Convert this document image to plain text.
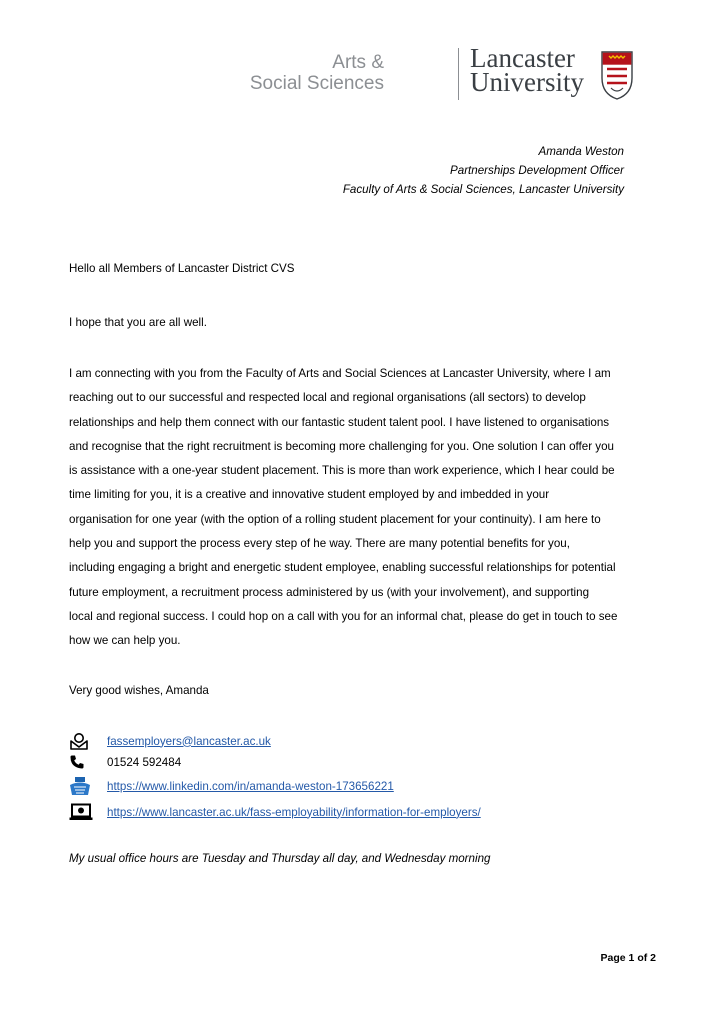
Arts &
Social Sciences
Lancaster
University
Amanda Weston
Partnerships Development Officer
Faculty of Arts & Social Sciences, Lancaster University
Hello all Members of Lancaster District CVS
I hope that you are all well.
I am connecting with you from the Faculty of Arts and Social Sciences at Lancaster University, where I am
reaching out to our successful and respected local and regional organisations (all sectors) to develop
relationships and help them connect with our fantastic student talent pool. I have listened to organisations
and recognise that the right recruitment is becoming more challenging for you. One solution I can offer you
is assistance with a one-year student placement. This is more than work experience, which I hear could be
time limiting for you, it is a creative and innovative student employed by and imbedded in your
organisation for one year (with the option of a rolling student placement for your continuity). I am here to
help you and support the process every step of he way. There are many potential benefits for you,
including engaging a bright and energetic student employee, enabling successful relationships for potential
future employment, a recruitment process administered by us (with your involvement), and supporting
local and regional success. I could hop on a call with you for an informal chat, please do get in touch to see
how we can help you.
Very good wishes, Amanda
fassemployers@lancaster.ac.uk
01524 592484
https://www.linkedin.com/in/amanda-weston-173656221
https://www.lancaster.ac.uk/fass-employability/information-for-employers/
My usual office hours are Tuesday and Thursday all day, and Wednesday morning
Page 1 of 2
